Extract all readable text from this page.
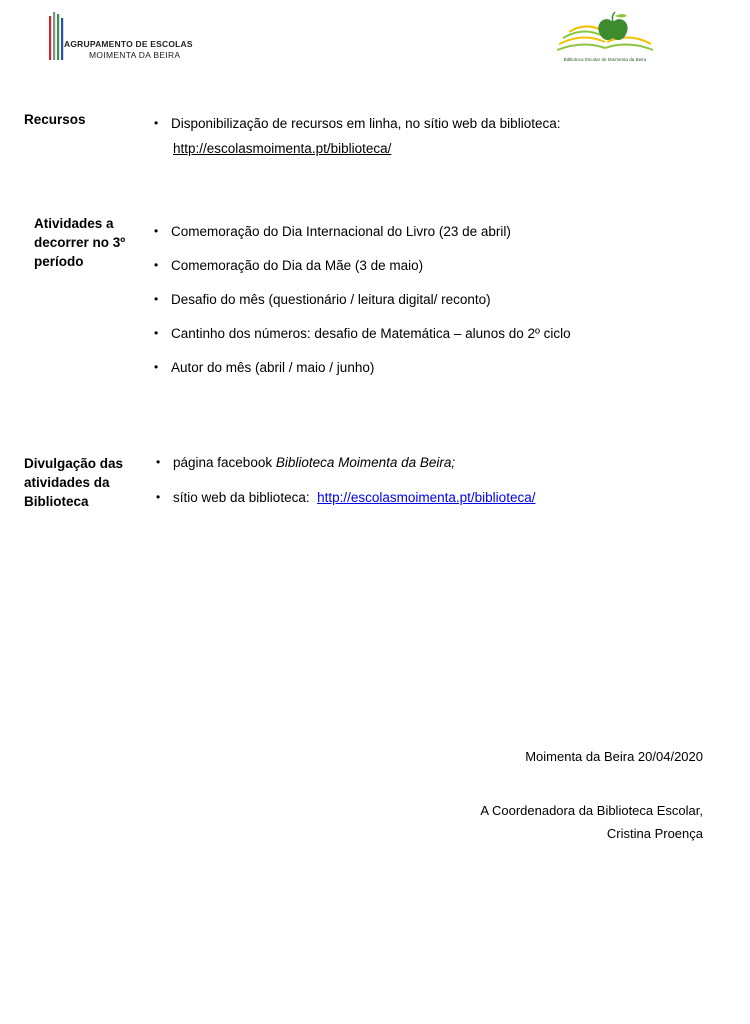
AGRUPAMENTO DE ESCOLAS
MOIMENTA DA BEIRA	Biblioteca Escolar de Moimenta da Beira
Recursos	• Disponibilização de recursos em linha, no sítio web da biblioteca:
http://escolasmoimenta.pt/biblioteca/
Atividades a
decorrer no 3º
período
• Comemoração do Dia Internacional do Livro (23 de abril)
• Comemoração do Dia da Mãe (3 de maio)
• Desafio do mês (questionário / leitura digital/ reconto)
• Cantinho dos números: desafio de Matemática – alunos do 2º ciclo
• Autor do mês (abril / maio / junho)
Divulgação das
atividades da
Biblioteca
• página facebook Biblioteca Moimenta da Beira;
• sítio web da biblioteca:  http://escolasmoimenta.pt/biblioteca/
Moimenta da Beira 20/04/2020
A Coordenadora da Biblioteca Escolar,
Cristina Proença
